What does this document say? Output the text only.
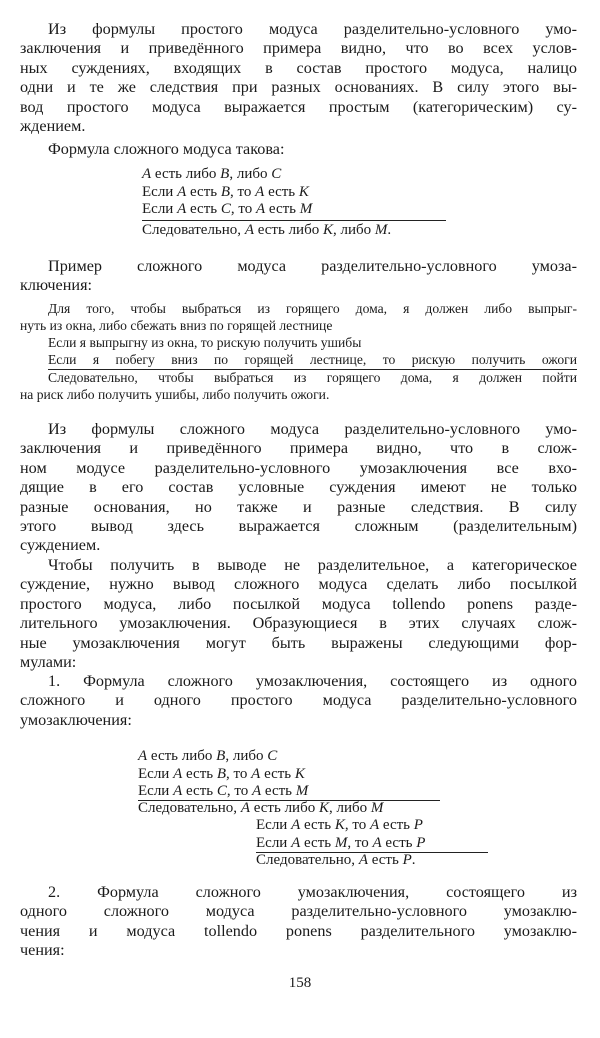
Из формулы простого модуса разделительно-условного умо-
заключения и приведённого примера видно, что во всех услов-
ных суждениях, входящих в состав простого модуса, налицо
одни и те же следствия при разных основаниях. В силу этого вы-
вод простого модуса выражается простым (категорическим) су-
ждением.
Формула сложного модуса такова:
A есть либо B, либо C
Если A есть B, то A есть K
Если A есть C, то A есть M
Следовательно, A есть либо K, либо M.
Пример сложного модуса разделительно-условного умоза-
ключения:
Для того, чтобы выбраться из горящего дома, я должен либо выпрыг-
нуть из окна, либо сбежать вниз по горящей лестнице
Если я выпрыгну из окна, то рискую получить ушибы
Если я побегу вниз по горящей лестнице, то рискую получить ожоги
Следовательно, чтобы выбраться из горящего дома, я должен пойти
на риск либо получить ушибы, либо получить ожоги.
Из формулы сложного модуса разделительно-условного умо-
заключения и приведённого примера видно, что в слож-
ном модусе разделительно-условного умозаключения все вхо-
дящие в его состав условные суждения имеют не только
разные основания, но также и разные следствия. В силу
этого вывод здесь выражается сложным (разделительным)
суждением.
Чтобы получить в выводе не разделительное, а категорическое
суждение, нужно вывод сложного модуса сделать либо посылкой
простого модуса, либо посылкой модуса tollendo ponens разде-
лительного умозаключения. Образующиеся в этих случаях слож-
ные умозаключения могут быть выражены следующими фор-
мулами:
1. Формула сложного умозаключения, состоящего из одного
сложного и одного простого модуса разделительно-условного
умозаключения:
A есть либо B, либо C
Если A есть B, то A есть K
Если A есть C, то A есть M
Следовательно, A есть либо K, либо M
Если A есть K, то A есть P
Если A есть M, то A есть P
Следовательно, A есть P.
2. Формула сложного умозаключения, состоящего из
одного сложного модуса разделительно-условного умозаклю-
чения и модуса tollendo ponens разделительного умозаклю-
чения:
158
